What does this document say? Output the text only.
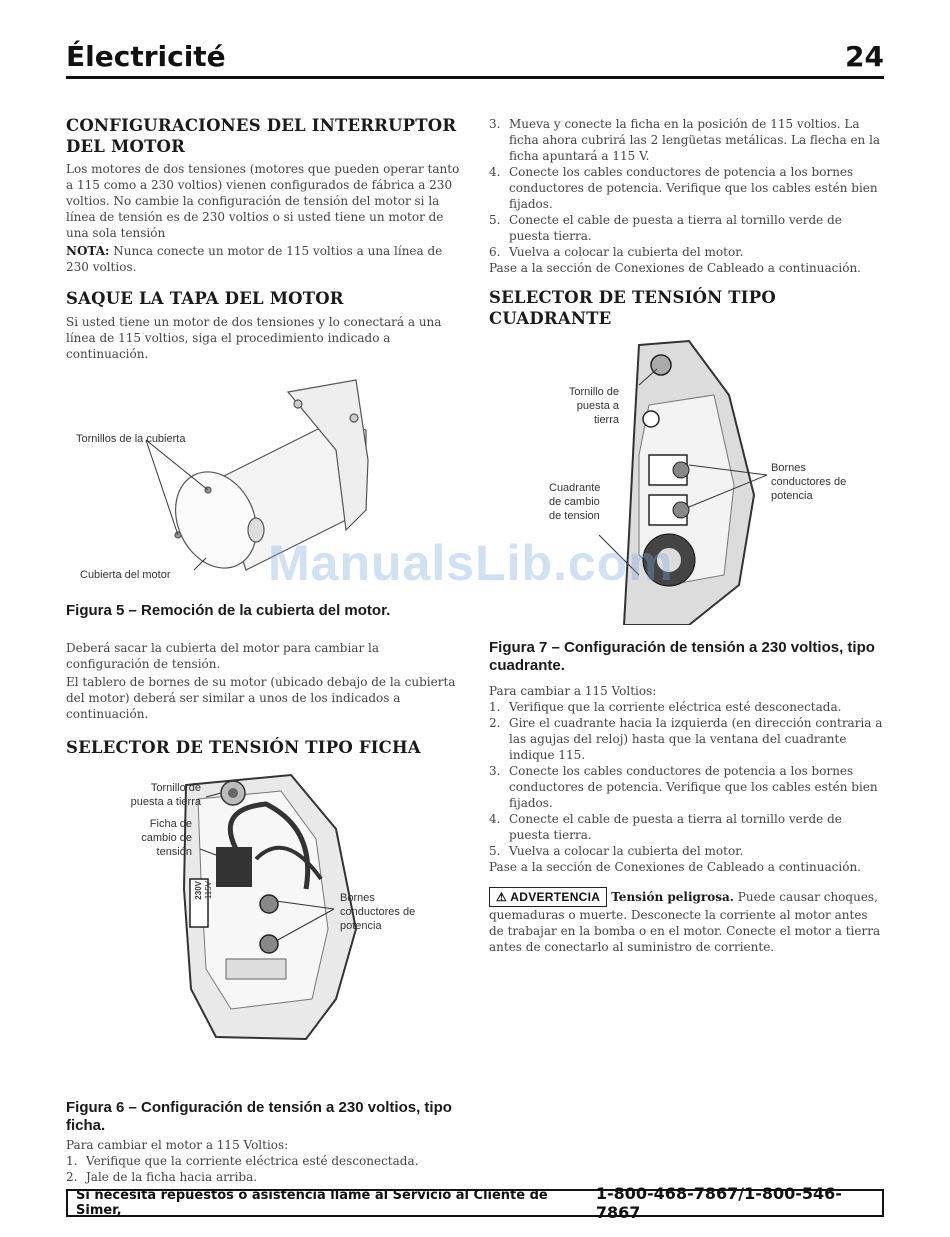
Électricité	24
CONFIGURACIONES DEL INTERRUPTOR DEL MOTOR

Los motores de dos tensiones (motores que pueden operar tanto a 115 como a 230 voltios) vienen configurados de fábrica a 230 voltios. No cambie la configuración de tensión del motor si la línea de tensión es de 230 voltios o si usted tiene un motor de una sola tensión

NOTA: Nunca conecte un motor de 115 voltios a una línea de 230 voltios.

SAQUE LA TAPA DEL MOTOR

Si usted tiene un motor de dos tensiones y lo conectará a una línea de 115 voltios, siga el procedimiento indicado a continuación.

Tornillos de la cubierta
Cubierta del motor

Figura 5 – Remoción de la cubierta del motor.

Deberá sacar la cubierta del motor para cambiar la configuración de tensión.

El tablero de bornes de su motor (ubicado debajo de la cubierta del motor) deberá ser similar a unos de los indicados a continuación.

SELECTOR DE TENSIÓN TIPO FICHA
Tornillo de puesta a tierra
Ficha de cambio de tensión
230V 115V	Bornes conductores de potencia

Figura 6 – Configuración de tensión a 230 voltios, tipo ficha.

Para cambiar el motor a 115 Voltios:

1. Verifique que la corriente eléctrica esté desconectada.
2. Jale de la ficha hacia arriba.
3. Mueva y conecte la ficha en la posición de 115 voltios. La ficha ahora cubrirá las 2 lengüetas metálicas. La flecha en la ficha apuntará a 115 V.
4. Conecte los cables conductores de potencia a los bornes conductores de potencia. Verifique que los cables estén bien fijados.
5. Conecte el cable de puesta a tierra al tornillo verde de puesta tierra.
6. Vuelva a colocar la cubierta del motor.

Pase a la sección de Conexiones de Cableado a continuación.

SELECTOR DE TENSIÓN TIPO CUADRANTE
Tornillo de puesta a tierra
Cuadrante de cambio de tension
Bornes conductores de potencia

Figura 7 – Configuración de tensión a 230 voltios, tipo cuadrante.

Para cambiar a 115 Voltios:

1. Verifique que la corriente eléctrica esté desconectada.
2. Gire el cuadrante hacia la izquierda (en dirección contraria a las agujas del reloj) hasta que la ventana del cuadrante indique 115.
3. Conecte los cables conductores de potencia a los bornes conductores de potencia. Verifique que los cables estén bien fijados.
4. Conecte el cable de puesta a tierra al tornillo verde de puesta tierra.
5. Vuelva a colocar la cubierta del motor.

Pase a la sección de Conexiones de Cableado a continuación.

⚠ ADVERTENCIA Tensión peligrosa. Puede causar choques, quemaduras o muerte. Desconecte la corriente al motor antes de trabajar en la bomba o en el motor. Conecte el motor a tierra antes de conectarlo al suministro de corriente.

ManualsLib.com
Si necesita repuestos o asistencia llame al Servicio al Cliente de Simer,
1-800-468-7867/1-800-546-7867
